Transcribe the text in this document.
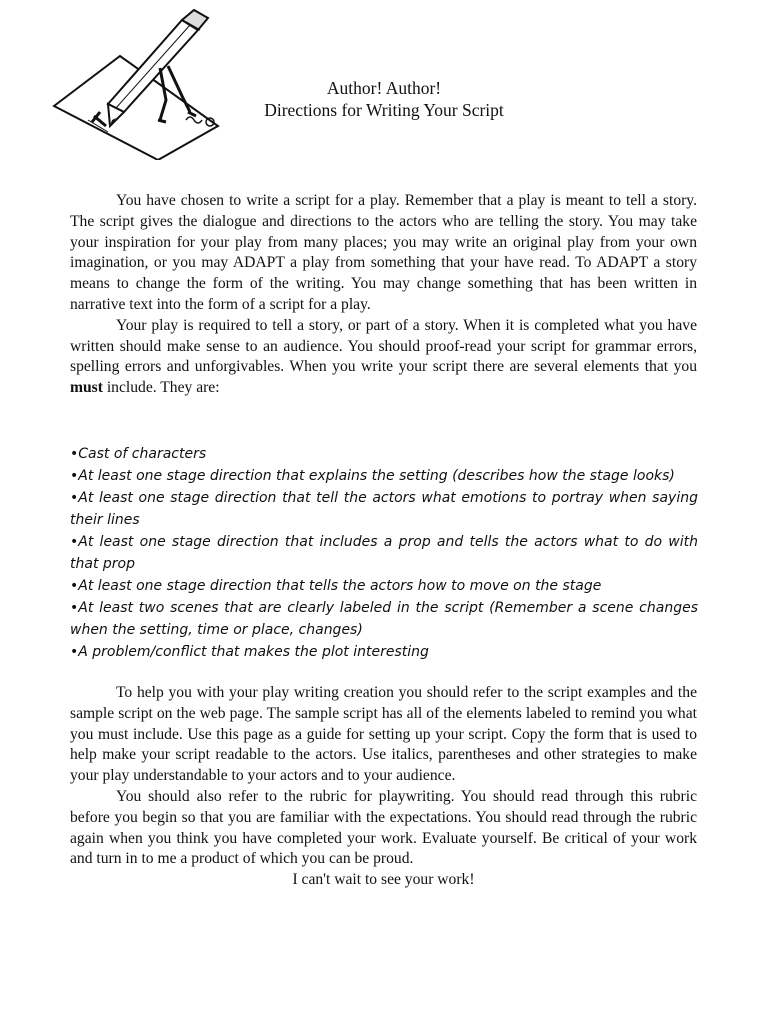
Author! Author!
Directions for Writing Your Script

You have chosen to write a script for a play. Remember that a play is meant to tell a story. The script gives the dialogue and directions to the actors who are telling the story. You may take your inspiration for your play from many places; you may write an original play from your own imagination, or you may ADAPT a play from something that your have read. To ADAPT a story means to change the form of the writing. You may change something that has been written in narrative text into the form of a script for a play.

Your play is required to tell a story, or part of a story. When it is completed what you have written should make sense to an audience. You should proof-read your script for grammar errors, spelling errors and unforgivables. When you write your script there are several elements that you must include. They are:

•Cast of characters
•At least one stage direction that explains the setting (describes how the stage looks)
•At least one stage direction that tell the actors what emotions to portray when saying their lines
•At least one stage direction that includes a prop and tells the actors what to do with that prop
•At least one stage direction that tells the actors how to move on the stage
•At least two scenes that are clearly labeled in the script (Remember a scene changes when the setting, time or place, changes)
•A problem/conflict that makes the plot interesting

To help you with your play writing creation you should refer to the script examples and the sample script on the web page. The sample script has all of the elements labeled to remind you what you must include. Use this page as a guide for setting up your script. Copy the form that is used to help make your script readable to the actors. Use italics, parentheses and other strategies to make your play understandable to your actors and to your audience.

You should also refer to the rubric for playwriting. You should read through this rubric before you begin so that you are familiar with the expectations. You should read through the rubric again when you think you have completed your work. Evaluate yourself. Be critical of your work and turn in to me a product of which you can be proud.

I can't wait to see your work!
